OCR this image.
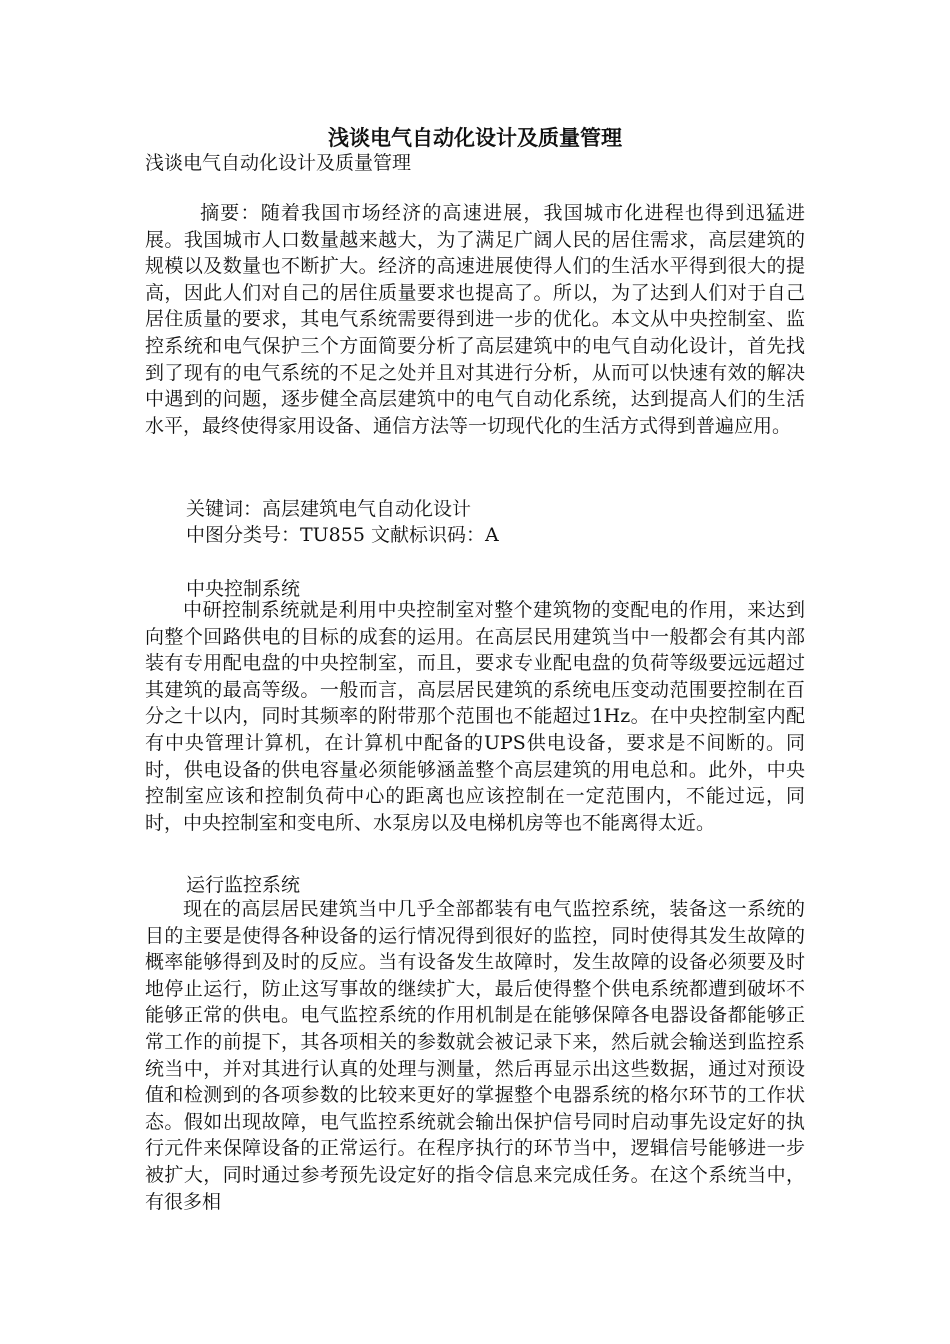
浅谈电气自动化设计及质量管理

浅谈电气自动化设计及质量管理

摘要：随着我国市场经济的高速进展，我国城市化进程也得到迅猛进展。我国城市人口数量越来越大，为了满足广阔人民的居住需求，高层建筑的规模以及数量也不断扩大。经济的高速进展使得人们的生活水平得到很大的提高，因此人们对自己的居住质量要求也提高了。所以，为了达到人们对于自己居住质量的要求，其电气系统需要得到进一步的优化。本文从中央控制室、监控系统和电气保护三个方面简要分析了高层建筑中的电气自动化设计，首先找到了现有的电气系统的不足之处并且对其进行分析，从而可以快速有效的解决中遇到的问题，逐步健全高层建筑中的电气自动化系统，达到提高人们的生活水平，最终使得家用设备、通信方法等一切现代化的生活方式得到普遍应用。

关键词：高层建筑电气自动化设计

中图分类号：TU855 文献标识码：A

中央控制系统

中研控制系统就是利用中央控制室对整个建筑物的变配电的作用，来达到向整个回路供电的目标的成套的运用。在高层民用建筑当中一般都会有其内部装有专用配电盘的中央控制室，而且，要求专业配电盘的负荷等级要远远超过其建筑的最高等级。一般而言，高层居民建筑的系统电压变动范围要控制在百分之十以内，同时其频率的附带那个范围也不能超过1Hz。在中央控制室内配有中央管理计算机，在计算机中配备的UPS供电设备，要求是不间断的。同时，供电设备的供电容量必须能够涵盖整个高层建筑的用电总和。此外，中央控制室应该和控制负荷中心的距离也应该控制在一定范围内，不能过远，同时，中央控制室和变电所、水泵房以及电梯机房等也不能离得太近。

运行监控系统

现在的高层居民建筑当中几乎全部都装有电气监控系统，装备这一系统的目的主要是使得各种设备的运行情况得到很好的监控，同时使得其发生故障的概率能够得到及时的反应。当有设备发生故障时，发生故障的设备必须要及时地停止运行，防止这写事故的继续扩大，最后使得整个供电系统都遭到破坏不能够正常的供电。电气监控系统的作用机制是在能够保障各电器设备都能够正常工作的前提下，其各项相关的参数就会被记录下来，然后就会输送到监控系统当中，并对其进行认真的处理与测量，然后再显示出这些数据，通过对预设值和检测到的各项参数的比较来更好的掌握整个电器系统的格尔环节的工作状态。假如出现故障，电气监控系统就会输出保护信号同时启动事先设定好的执行元件来保障设备的正常运行。在程序执行的环节当中，逻辑信号能够进一步被扩大，同时通过参考预先设定好的指令信息来完成任务。在这个系统当中，有很多相
